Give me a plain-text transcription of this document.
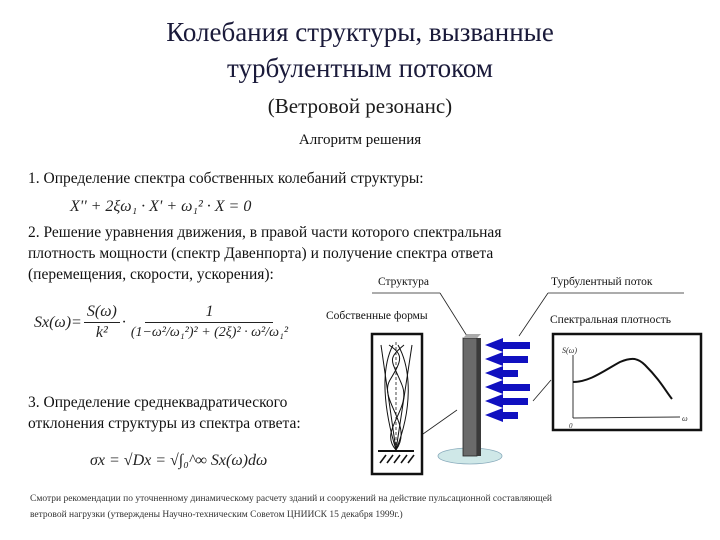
Колебания структуры, вызванные
турбулентным потоком
(Ветровой резонанс)
Алгоритм решения
1. Определение спектра собственных колебаний структуры:
X'' + 2ξω₁ · X' + ω₁² · X = 0
2. Решение уравнения движения, в правой части которого спектральная
плотность мощности (спектр Давенпорта) и получение спектра ответа
(перемещения, скорости, ускорения):
$Sx(\omega)= \frac{S(\omega)}{\text{k²}} \cdot \frac{1}{\text{(1−ω²/ω₁²)² + (2ξ)² · ω²/ω₁²}}$
3. Определение среднеквадратического
отклонения структуры из спектра ответа:
σx = √Dx = √∫₀^∞ Sx(ω)dω
Структура	Турбулентный поток
Собственные формы	Спектральная плотность
S(ω)
ω
0
Смотри рекомендации по уточненному динамическому расчету зданий и сооружений на действие пульсационной составляющей
ветровой нагрузки (утверждены Научно-техническим Советом ЦНИИСК 15 декабря 1999г.)
